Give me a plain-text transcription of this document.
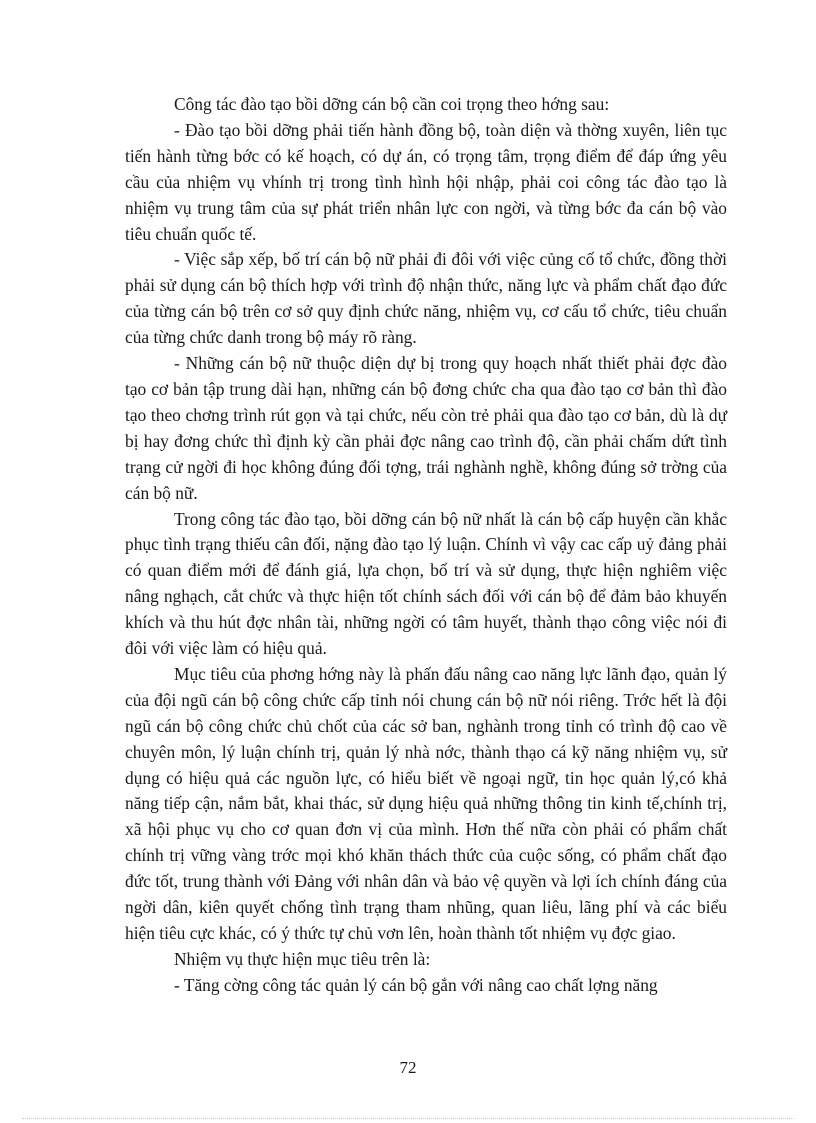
Công tác đào tạo bồi dỡng cán bộ cần coi trọng theo hớng sau:

- Đào tạo bồi dỡng phải tiến hành đồng bộ, toàn diện và thờng xuyên, liên tục tiến hành từng bớc có kế hoạch, có dự án, có trọng tâm, trọng điểm để đáp ứng yêu cầu của nhiệm vụ vhính trị trong tình hình hội nhập, phải coi công tác đào tạo là nhiệm vụ trung tâm của sự phát triển nhân lực con ngời, và từng bớc đa cán bộ vào tiêu chuẩn quốc tế.

- Việc sắp xếp, bố trí cán bộ nữ phải đi đôi với việc củng cố tổ chức, đồng thời phải sử dụng cán bộ thích hợp với trình độ nhận thức, năng lực và phẩm chất đạo đức của từng cán bộ trên cơ sở quy định chức năng, nhiệm vụ, cơ cấu tổ chức, tiêu chuẩn của từng chức danh trong bộ máy rõ ràng.

- Những cán bộ nữ thuộc diện dự bị trong quy hoạch nhất thiết phải đợc đào tạo cơ bản tập trung dài hạn, những cán bộ đơng chức cha qua đào tạo cơ bản thì đào tạo theo chơng trình rút gọn và tại chức, nếu còn trẻ phải qua đào tạo cơ bản, dù là dự bị hay đơng chức thì định kỳ cần phải đợc nâng cao trình độ, cần phải chấm dứt tình trạng cử ngời đi học không đúng đối tợng, trái nghành nghề, không đúng sở trờng của cán bộ nữ.

Trong công tác đào tạo, bồi dỡng cán bộ nữ nhất là cán bộ cấp huyện cần khắc phục tình trạng thiếu cân đối, nặng đào tạo lý luận. Chính vì vậy cac cấp uỷ đảng phải có quan điểm mới để đánh giá, lựa chọn, bố trí và sử dụng, thực hiện nghiêm việc nâng nghạch, cắt chức và thực hiện tốt chính sách đối với cán bộ để đảm bảo khuyến khích và thu hút đợc nhân tài, những ngời có tâm huyết, thành thạo công việc nói đi đôi với việc làm có hiệu quả.

Mục tiêu của phơng hớng này là phấn đấu nâng cao năng lực lãnh đạo, quản lý của đội ngũ cán bộ công chức cấp tỉnh nói chung cán bộ nữ nói riêng. Trớc hết là đội ngũ cán bộ công chức chủ chốt của các sở ban, nghành trong tỉnh có trình độ cao về chuyên môn, lý luận chính trị, quản lý nhà nớc, thành thạo cá kỹ năng nhiệm vụ, sử dụng có hiệu quả các nguồn lực, có hiểu biết về ngoại ngữ, tin học quản lý,có khả năng tiếp cận, nắm bắt, khai thác, sử dụng hiệu quả những thông tin kinh tế,chính trị, xã hội phục vụ cho cơ quan đơn vị của mình. Hơn thế nữa còn phải có phẩm chất chính trị vững vàng trớc mọi khó khăn thách thức của cuộc sống, có phẩm chất đạo đức tốt, trung thành với Đảng với nhân dân và bảo vệ quyền và lợi ích chính đáng của ngời dân, kiên quyết chống tình trạng tham nhũng, quan liêu, lãng phí và các biểu hiện tiêu cực khác, có ý thức tự chủ vơn lên, hoàn thành tốt nhiệm vụ đợc giao.

Nhiệm vụ thực hiện mục tiêu trên là:

- Tăng cờng công tác quản lý cán bộ gắn với nâng cao chất lợng năng

72
